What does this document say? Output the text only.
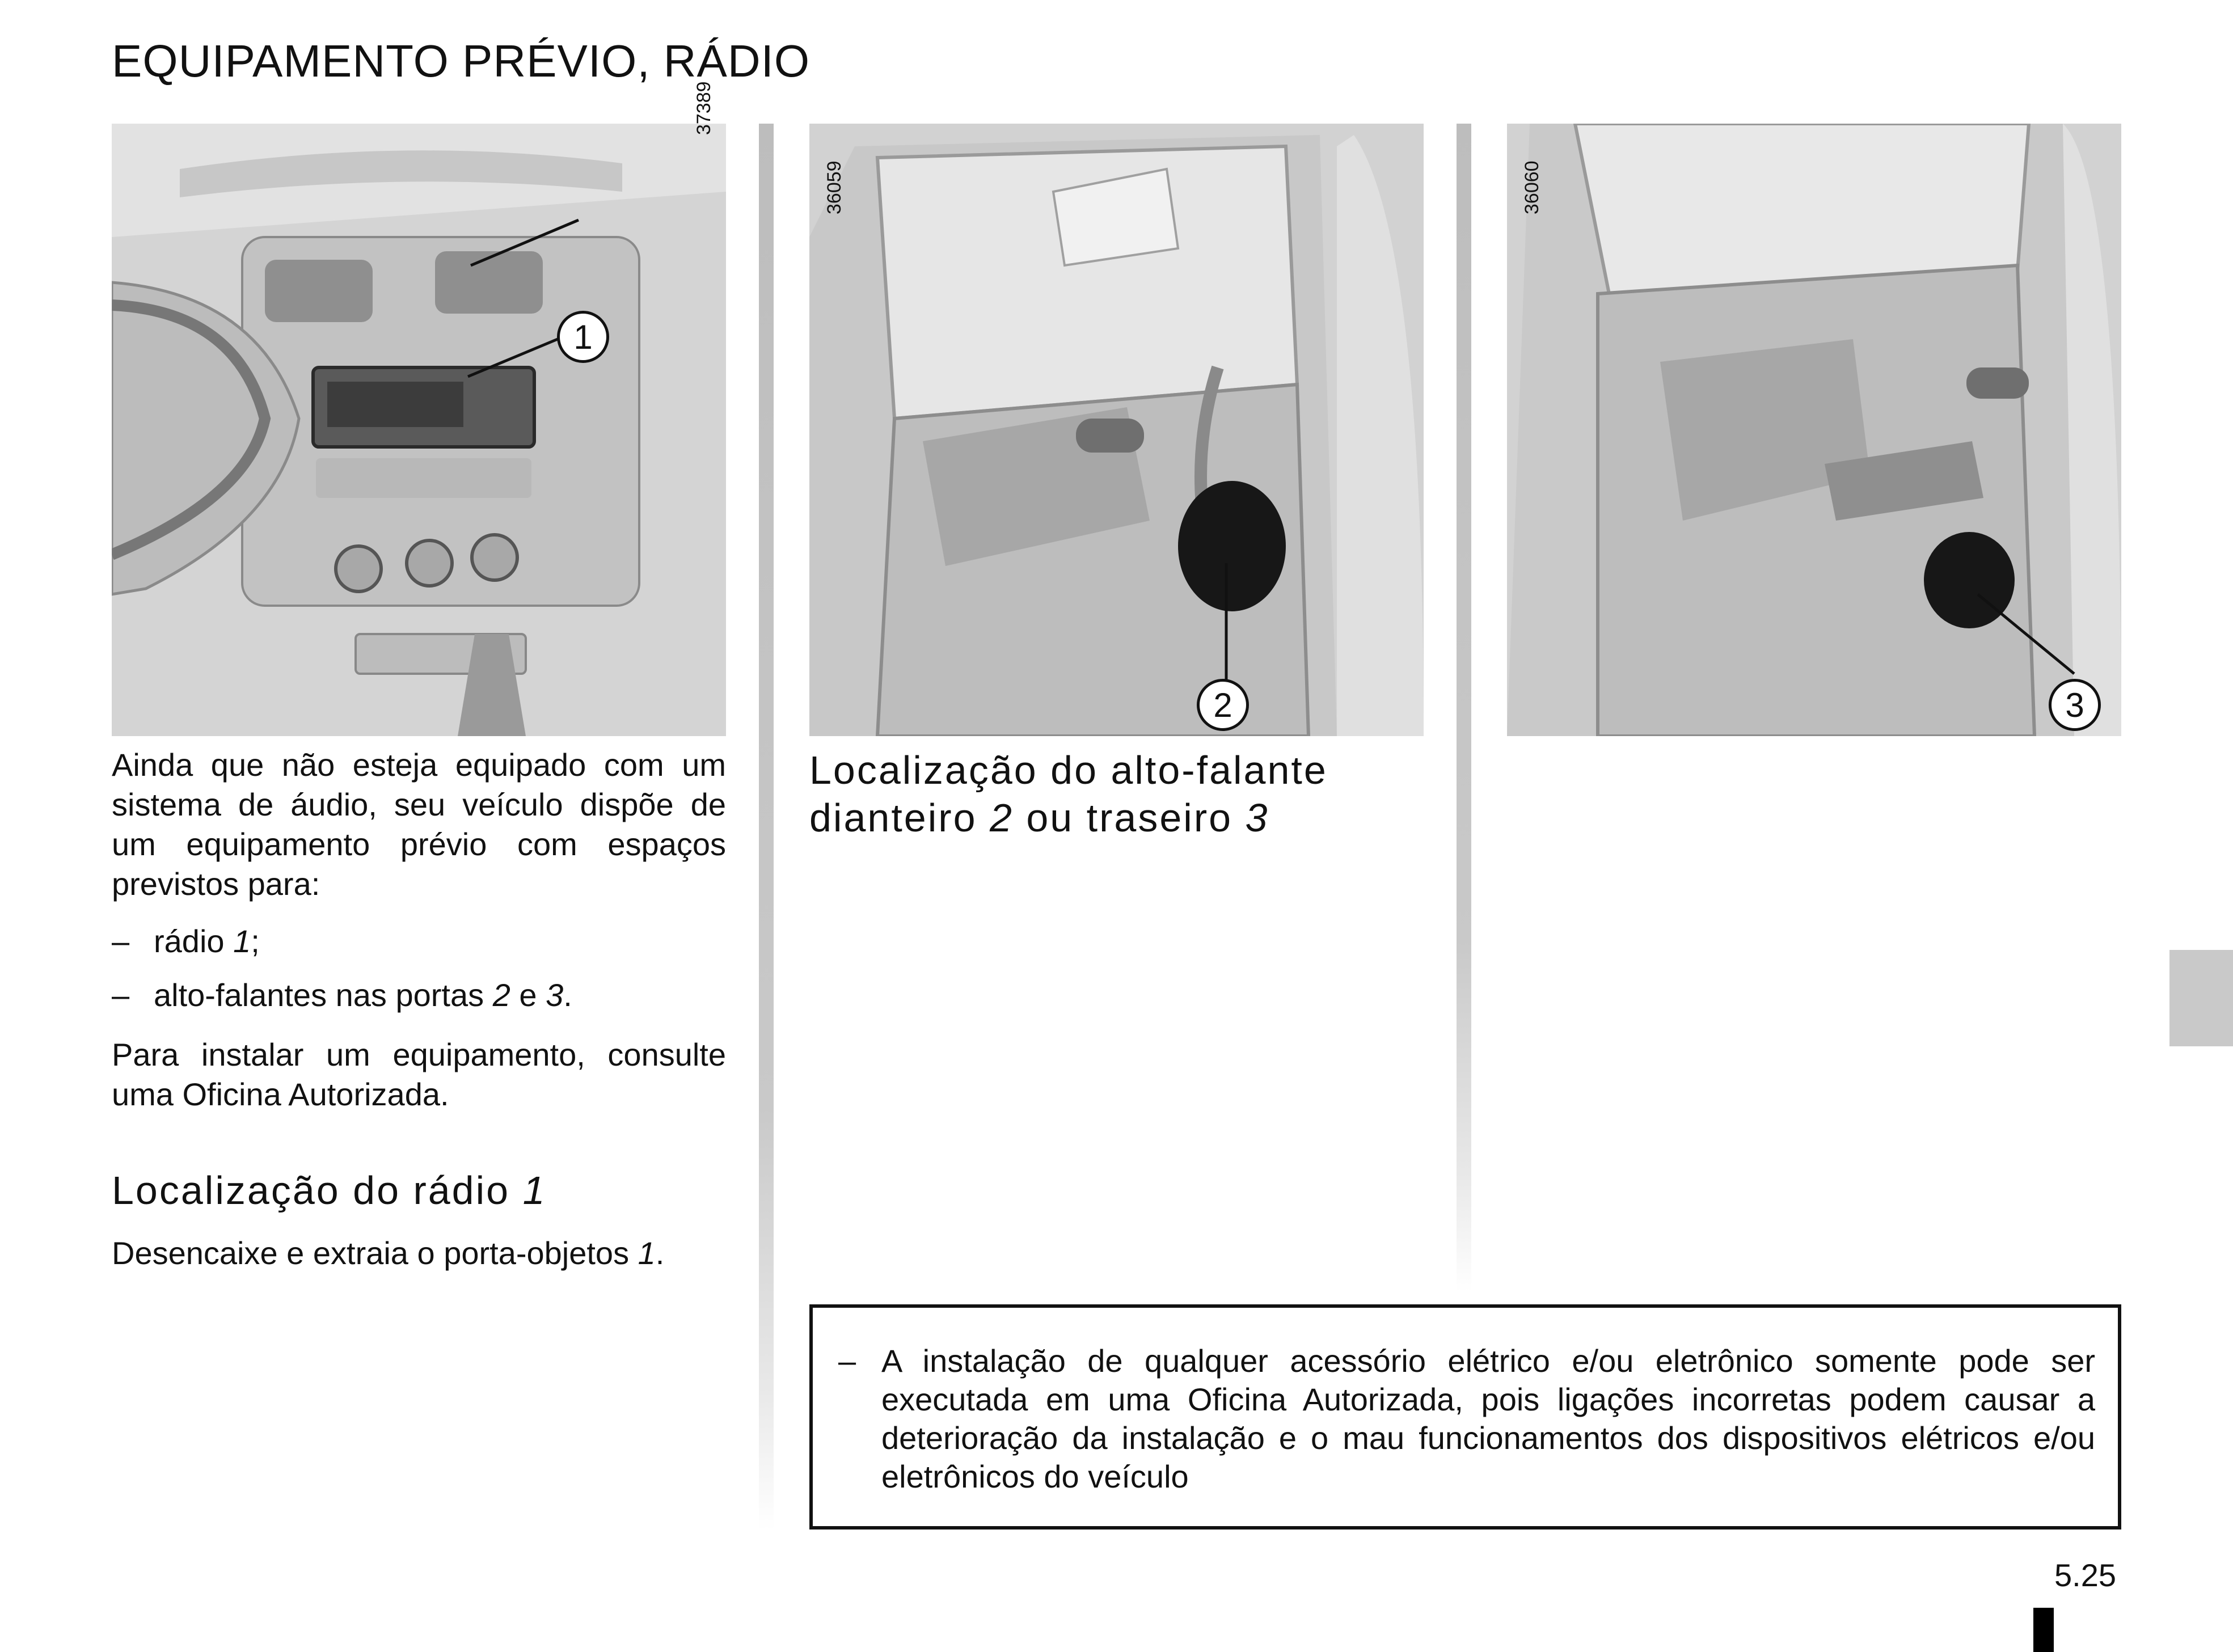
EQUIPAMENTO PRÉVIO, RÁDIO
37389
1
36059
2
36060
3

Ainda que não esteja equipado com um sistema de áudio, seu veículo dispõe de um equipamento prévio com espaços previstos para:

– rádio 1;
– alto-falantes nas portas 2 e 3.

Para instalar um equipamento, consulte uma Oficina Autorizada.

Localização do rádio 1
Desencaixe e extraia o porta-objetos 1.
Localização do alto-falante
dianteiro 2 ou traseiro 3
– A instalação de qualquer acessório elétrico e/ou eletrônico somente pode ser executada em uma Oficina Autorizada, pois ligações incorretas podem causar a deterioração da instalação e o mau funcionamentos dos dispositivos elétricos e/ou eletrônicos do veículo
5.25
